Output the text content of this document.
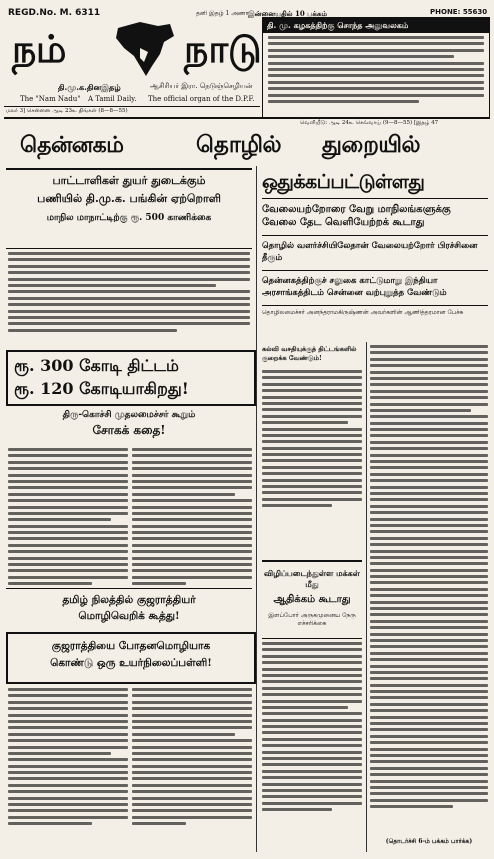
REGD.No. M. 6311	தனி இதழ் 1 அணா இன்னையதில் 10 பக்கம்	PHONE: 55630
நம்	நாடு
தி.மு.க.தினஇதழ்	ஆசிரியர் இரா. நெடுஞ்செழியன்
The "Nam Nadu" A Tamil Daily. The official organ of the D.P.F.
தி. மு. கழகத்திற்கு சொந்த அலுவலகம்
மலர் 3] சென்னை ஆடி 23உ திங்கள் (8—8—55)
வெளியீடு: ஆடி 24உ செவ்வாய் (9—8—55) [இதழ் 47
தென்னகம்	தொழில் துறையில்
ஒதுக்கப்பட்டுள்ளது
பாட்டாளிகள் துயர் துடைக்கும்
பணியில் தி.மு.க. பங்கின் ஏற்றொளி
மாநில மாநாட்டிற்கு ரூ. 500 காணிக்கை
ரூ. 300 கோடி திட்டம்
ரூ. 120 கோடியாகிறது!
திரு-கொச்சி முதலமைச்சர் கூறும்
சோகக் கதை!
தமிழ் நிலத்தில் குஜராத்தியர்
மொழிவெறிக் கூத்து!
குஜராத்தியை போதனமொழியாக
கொண்டு ஒரு உயர்நிலைப்பள்ளி!
வேலையற்றோரை வேறு மாநிலங்களுக்கு
வேலை தேட வெளியேற்றக் கூடாது
தொழில் வளர்ச்சியிலேதான் வேலையற்றோர் பிரச்சினை தீரும்
தென்னகத்திற்குச் சலுகை காட்டுமாறு இந்தியா
அரசாங்கத்திடம் சென்னை வற்புறுத்த வேண்டும்
தொழிலமைச்சர் அனந்தராமகிருஷ்ணன் அவர்களின் ஆணித்தரமான பேச்சு
கல்வி வசதியுக்குத் திட்டங்களில் குறைக்க வேண்டும்!
விழிப்படைந்துள்ள மக்கள் மீது
ஆதிக்கம் கூடாது
இளப்போர் அருகமுனைய நேரு எச்சரிக்கை
(தொடர்ச்சி 6-ம் பக்கம் பார்க்க)
